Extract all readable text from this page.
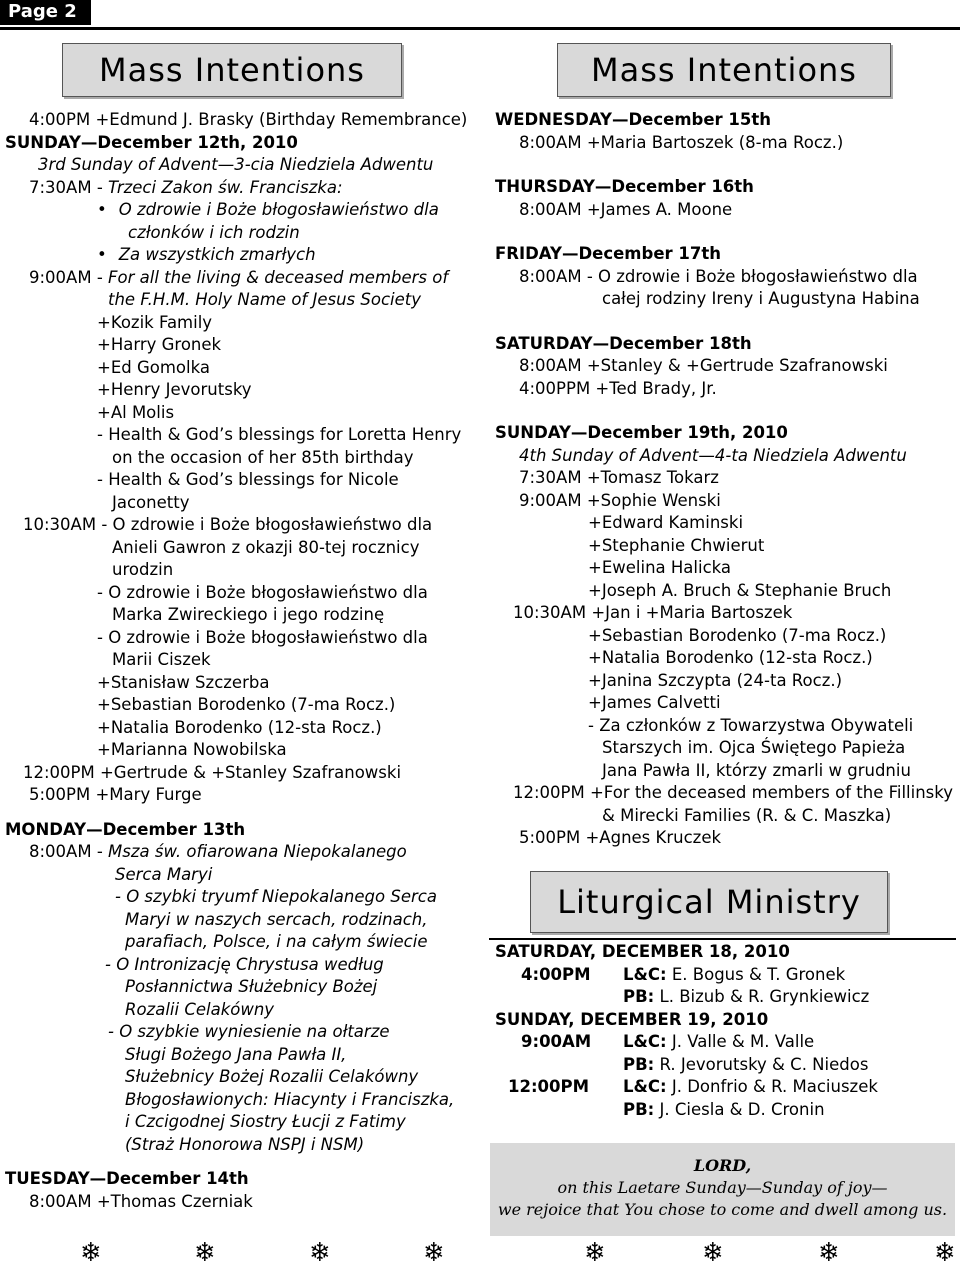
Page 2
Mass Intentions	Mass Intentions
4:00PM +Edmund J. Brasky (Birthday Remembrance)
SUNDAY—December 12th, 2010
3rd Sunday of Advent—3-cia Niedziela Adwentu
7:30AM - Trzeci Zakon św. Franciszka:
• O zdrowie i Boże błogosławieństwo dla
członków i ich rodzin
• Za wszystkich zmarłych
9:00AM - For all the living & deceased members of
the F.H.M. Holy Name of Jesus Society
+Kozik Family
+Harry Gronek
+Ed Gomolka
+Henry Jevorutsky
+Al Molis
- Health & God’s blessings for Loretta Henry
on the occasion of her 85th birthday
- Health & God’s blessings for Nicole
Jaconetty
10:30AM - O zdrowie i Boże błogosławieństwo dla
Anieli Gawron z okazji 80-tej rocznicy
urodzin
- O zdrowie i Boże błogosławieństwo dla
Marka Zwireckiego i jego rodzinę
- O zdrowie i Boże błogosławieństwo dla
Marii Ciszek
+Stanisław Szczerba
+Sebastian Borodenko (7-ma Rocz.)
+Natalia Borodenko (12-sta Rocz.)
+Marianna Nowobilska
12:00PM +Gertrude & +Stanley Szafranowski
5:00PM +Mary Furge
MONDAY—December 13th
8:00AM - Msza św. ofiarowana Niepokalanego
Serca Maryi
- O szybki tryumf Niepokalanego Serca
Maryi w naszych sercach, rodzinach,
parafiach, Polsce, i na całym świecie
- O Intronizację Chrystusa według
Posłannictwa Służebnicy Bożej
Rozalii Celakówny
- O szybkie wyniesienie na ołtarze
Sługi Bożego Jana Pawła II,
Służebnicy Bożej Rozalii Celakówny
Błogosławionych: Hiacynty i Franciszka,
i Czcigodnej Siostry Łucji z Fatimy
(Straż Honorowa NSPJ i NSM)
TUESDAY—December 14th
8:00AM +Thomas Czerniak
WEDNESDAY—December 15th
8:00AM +Maria Bartoszek (8-ma Rocz.)
THURSDAY—December 16th
8:00AM +James A. Moone
FRIDAY—December 17th
8:00AM - O zdrowie i Boże błogosławieństwo dla
całej rodziny Ireny i Augustyna Habina
SATURDAY—December 18th
8:00AM +Stanley & +Gertrude Szafranowski
4:00PPM +Ted Brady, Jr.
SUNDAY—December 19th, 2010
4th Sunday of Advent—4-ta Niedziela Adwentu
7:30AM +Tomasz Tokarz
9:00AM +Sophie Wenski
+Edward Kaminski
+Stephanie Chwierut
+Ewelina Halicka
+Joseph A. Bruch & Stephanie Bruch
10:30AM +Jan i +Maria Bartoszek
+Sebastian Borodenko (7-ma Rocz.)
+Natalia Borodenko (12-sta Rocz.)
+Janina Szczypta (24-ta Rocz.)
+James Calvetti
- Za członków z Towarzystwa Obywateli
Starszych im. Ojca Świętego Papieża
Jana Pawła II, którzy zmarli w grudniu
12:00PM +For the deceased members of the Fillinsky
& Mirecki Families (R. & C. Maszka)
5:00PM +Agnes Kruczek
Liturgical Ministry
SATURDAY, DECEMBER 18, 2010
4:00PM L&C: E. Bogus & T. Gronek
PB: L. Bizub & R. Grynkiewicz
SUNDAY, DECEMBER 19, 2010
9:00AM L&C: J. Valle & M. Valle
PB: R. Jevorutsky & C. Niedos
12:00PM L&C: J. Donfrio & R. Maciuszek
PB: J. Ciesla & D. Cronin
LORD,
on this Laetare Sunday—Sunday of joy—
we rejoice that You chose to come and dwell among us.
❄	❄	❄	❄	❄	❄	❄	❄
